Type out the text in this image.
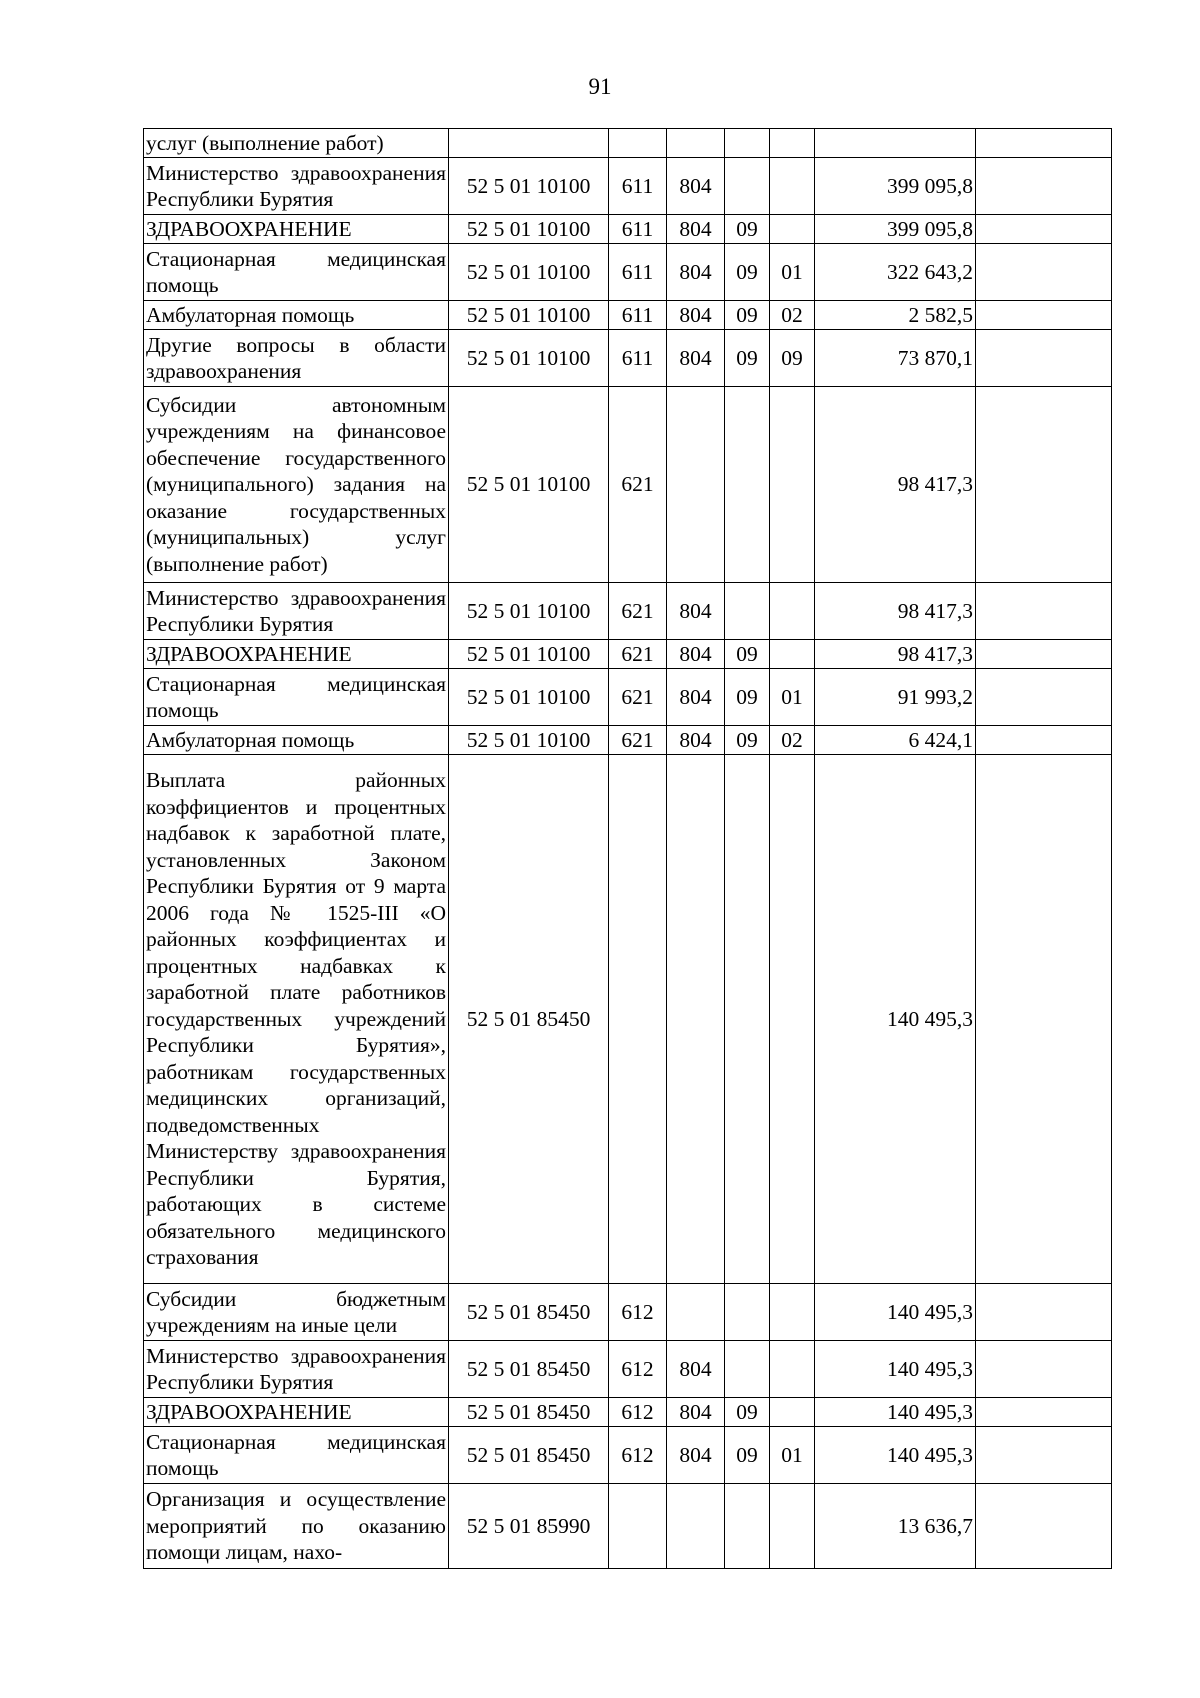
91
услуг (выполнение работ)							
Министерство здравоохранения Республики Бурятия	52 5 01 10100	611	804			399 095,8	
ЗДРАВООХРАНЕНИЕ	52 5 01 10100	611	804	09		399 095,8	
Стационарная медицинская помощь	52 5 01 10100	611	804	09	01	322 643,2	
Амбулаторная помощь	52 5 01 10100	611	804	09	02	2 582,5	
Другие вопросы в области здравоохранения	52 5 01 10100	611	804	09	09	73 870,1	
Субсидии автономным учреждениям на финансовое обеспечение государственного (муниципального) задания на оказание государственных (муниципальных) услуг (выполнение работ)	52 5 01 10100	621				98 417,3	
Министерство здравоохранения Республики Бурятия	52 5 01 10100	621	804			98 417,3	
ЗДРАВООХРАНЕНИЕ	52 5 01 10100	621	804	09		98 417,3	
Стационарная медицинская помощь	52 5 01 10100	621	804	09	01	91 993,2	
Амбулаторная помощь	52 5 01 10100	621	804	09	02	6 424,1	
Выплата районных коэффициентов и процентных надбавок к заработной плате, установленных Законом Республики Бурятия от 9 марта 2006 года № 1525-III «О районных коэффициентах и процентных надбавках к заработной плате работников государственных учреждений Республики Бурятия», работникам государственных медицинских организаций, подведомственных Министерству здравоохранения Республики Бурятия, работающих в системе обязательного медицинского страхования	52 5 01 85450					140 495,3	
Субсидии бюджетным учреждениям на иные цели	52 5 01 85450	612				140 495,3	
Министерство здравоохранения Республики Бурятия	52 5 01 85450	612	804			140 495,3	
ЗДРАВООХРАНЕНИЕ	52 5 01 85450	612	804	09		140 495,3	
Стационарная медицинская помощь	52 5 01 85450	612	804	09	01	140 495,3	
Организация и осуществление мероприятий по оказанию помощи лицам, нахо-	52 5 01 85990					13 636,7	
